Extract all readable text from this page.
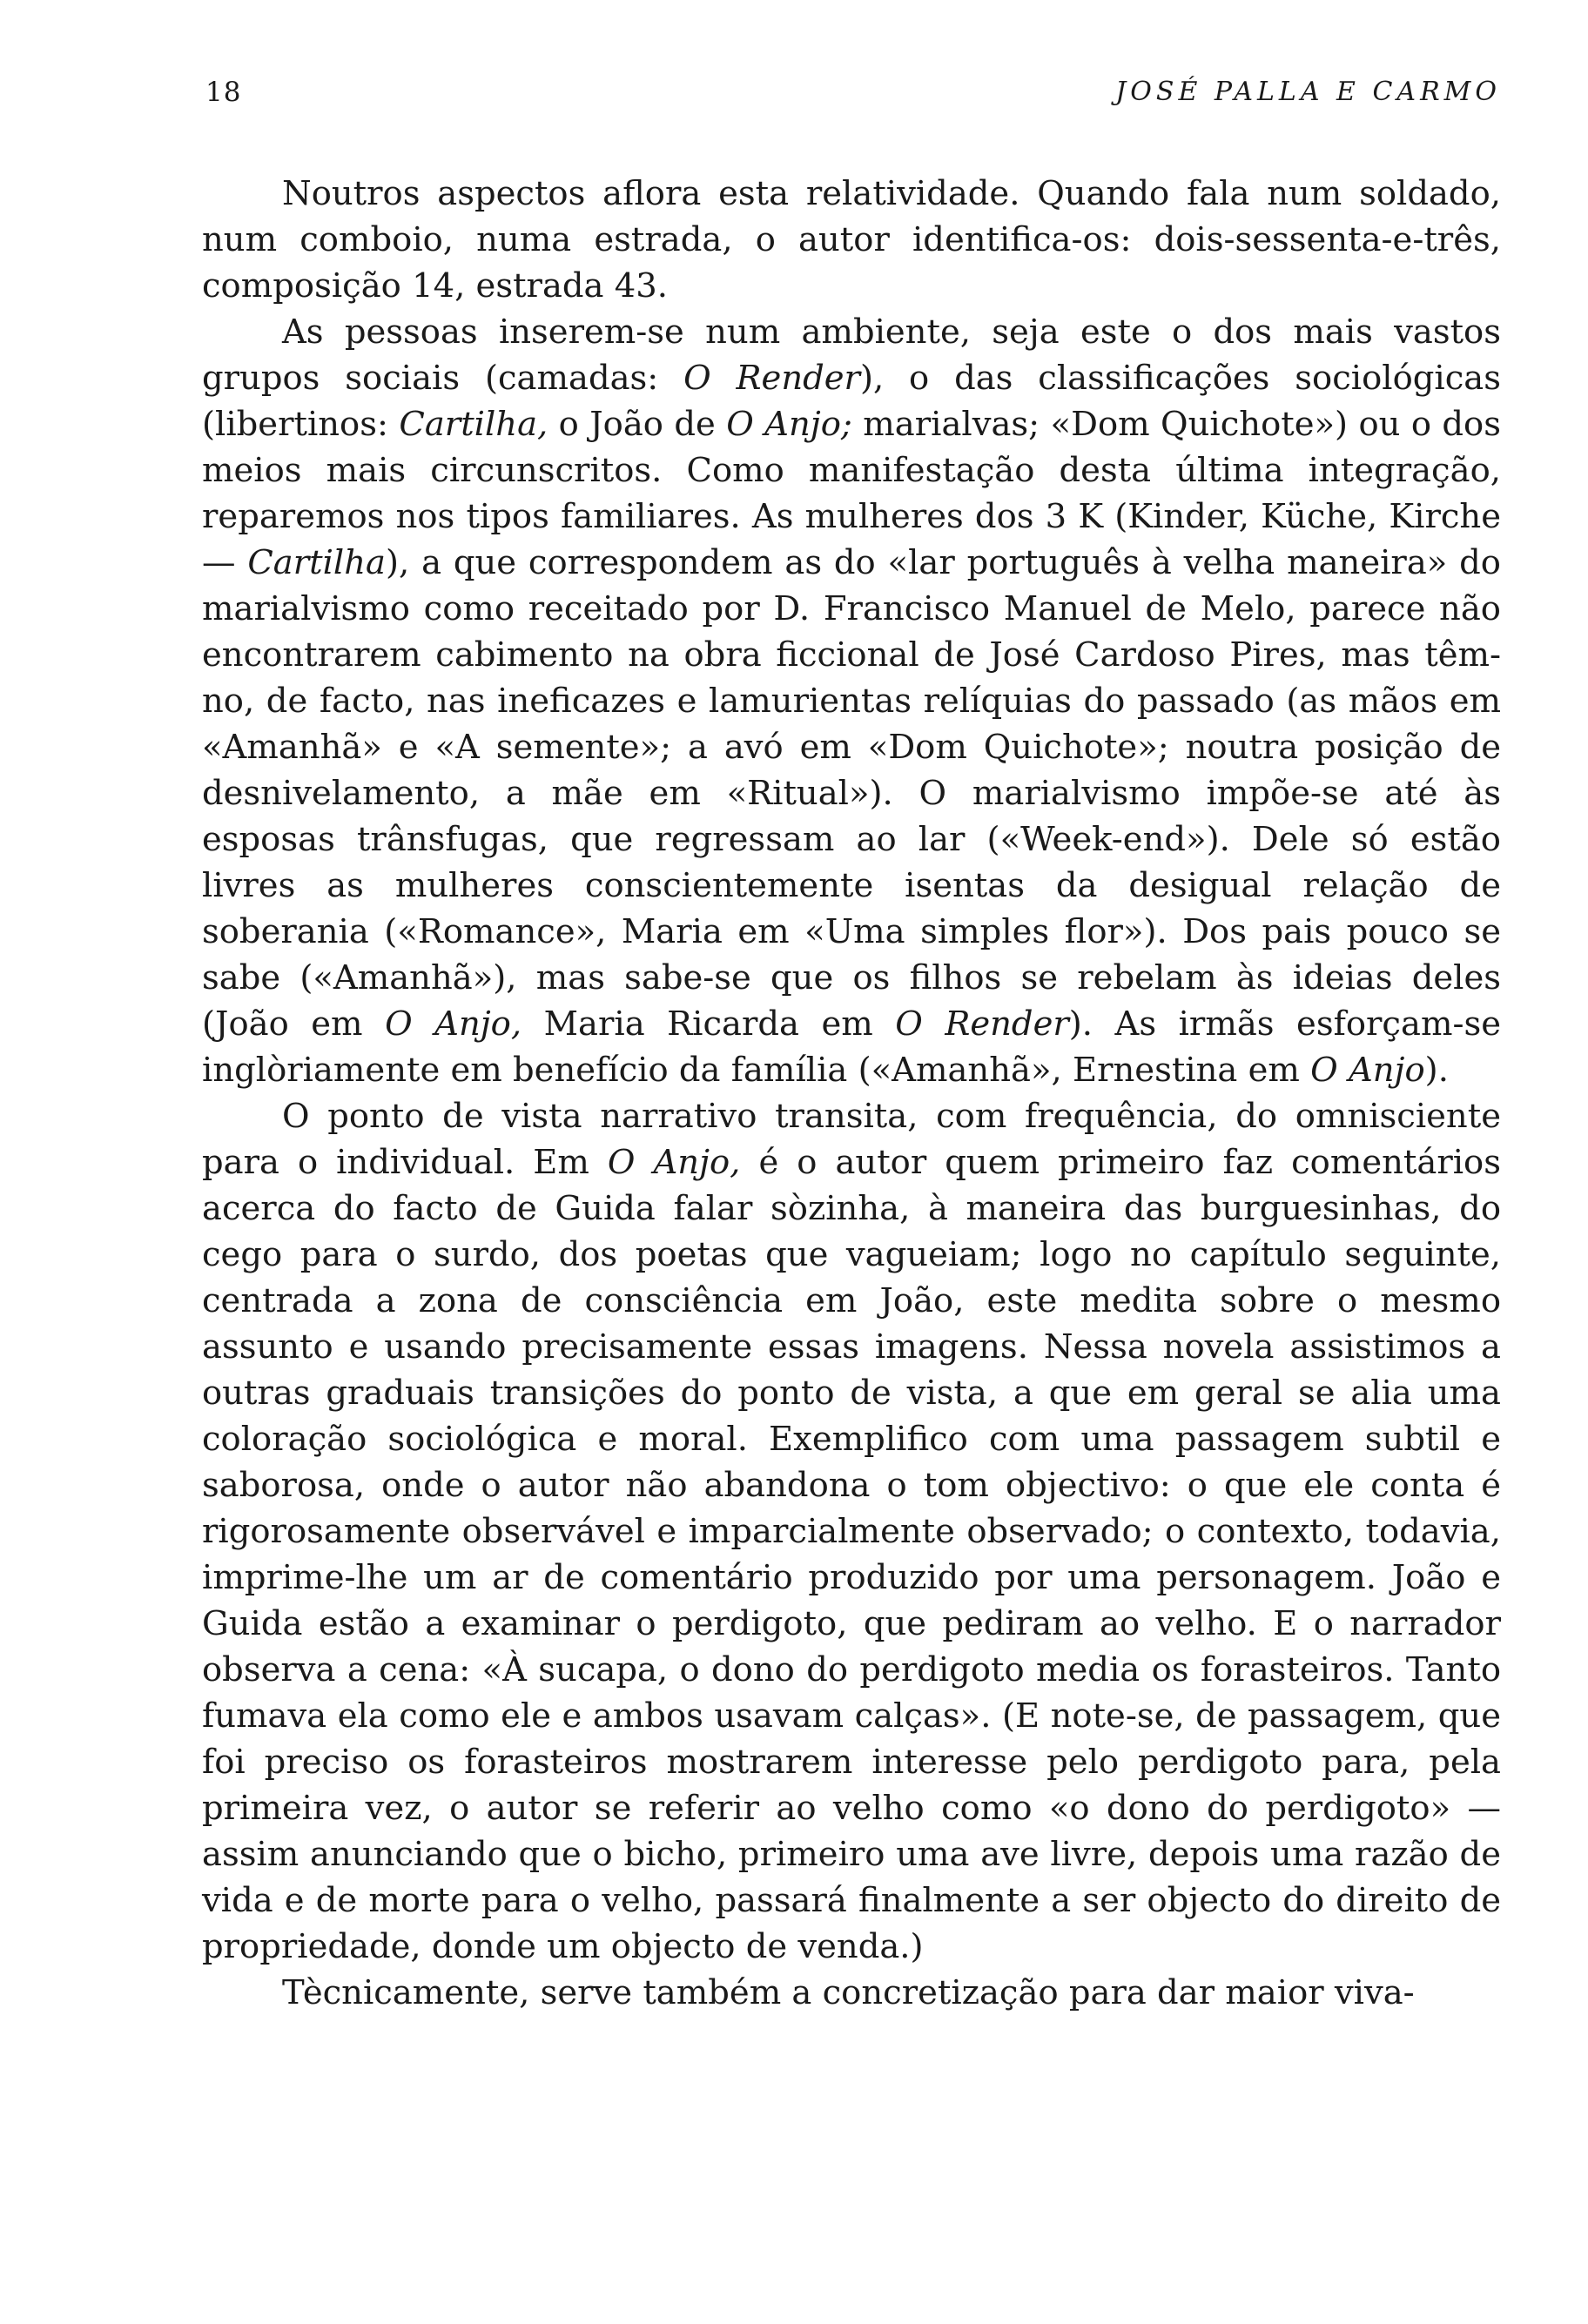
18	JOSÉ PALLA E CARMO

Noutros aspectos aflora esta relatividade. Quando fala num soldado, num comboio, numa estrada, o autor identifica-os: dois-sessenta-e-três, composição 14, estrada 43.

As pessoas inserem-se num ambiente, seja este o dos mais vastos grupos sociais (camadas: O Render), o das classificações sociológicas (libertinos: Cartilha, o João de O Anjo; marialvas; «Dom Quichote») ou o dos meios mais circunscritos. Como manifestação desta última integração, reparemos nos tipos familiares. As mulheres dos 3 K (Kinder, Küche, Kirche — Cartilha), a que correspondem as do «lar português à velha maneira» do marialvismo como receitado por D. Francisco Manuel de Melo, parece não encontrarem cabimento na obra ficcional de José Cardoso Pires, mas têm-no, de facto, nas ineficazes e lamurientas relíquias do passado (as mãos em «Amanhã» e «A semente»; a avó em «Dom Quichote»; noutra posição de desnivelamento, a mãe em «Ritual»). O marialvismo impõe-se até às esposas trânsfugas, que regressam ao lar («Week-end»). Dele só estão livres as mulheres conscientemente isentas da desigual relação de soberania («Romance», Maria em «Uma simples flor»). Dos pais pouco se sabe («Amanhã»), mas sabe-se que os filhos se rebelam às ideias deles (João em O Anjo, Maria Ricarda em O Render). As irmãs esforçam-se inglòriamente em benefício da família («Amanhã», Ernestina em O Anjo).

O ponto de vista narrativo transita, com frequência, do omnisciente para o individual. Em O Anjo, é o autor quem primeiro faz comentários acerca do facto de Guida falar sòzinha, à maneira das burguesinhas, do cego para o surdo, dos poetas que vagueiam; logo no capítulo seguinte, centrada a zona de consciência em João, este medita sobre o mesmo assunto e usando precisamente essas imagens. Nessa novela assistimos a outras graduais transições do ponto de vista, a que em geral se alia uma coloração sociológica e moral. Exemplifico com uma passagem subtil e saborosa, onde o autor não abandona o tom objectivo: o que ele conta é rigorosamente observável e imparcialmente observado; o contexto, todavia, imprime-lhe um ar de comentário produzido por uma personagem. João e Guida estão a examinar o perdigoto, que pediram ao velho. E o narrador observa a cena: «À sucapa, o dono do perdigoto media os forasteiros. Tanto fumava ela como ele e ambos usavam calças». (E note-se, de passagem, que foi preciso os forasteiros mostrarem interesse pelo perdigoto para, pela primeira vez, o autor se referir ao velho como «o dono do perdigoto» — assim anunciando que o bicho, primeiro uma ave livre, depois uma razão de vida e de morte para o velho, passará finalmente a ser objecto do direito de propriedade, donde um objecto de venda.)

Tècnicamente, serve também a concretização para dar maior viva-
